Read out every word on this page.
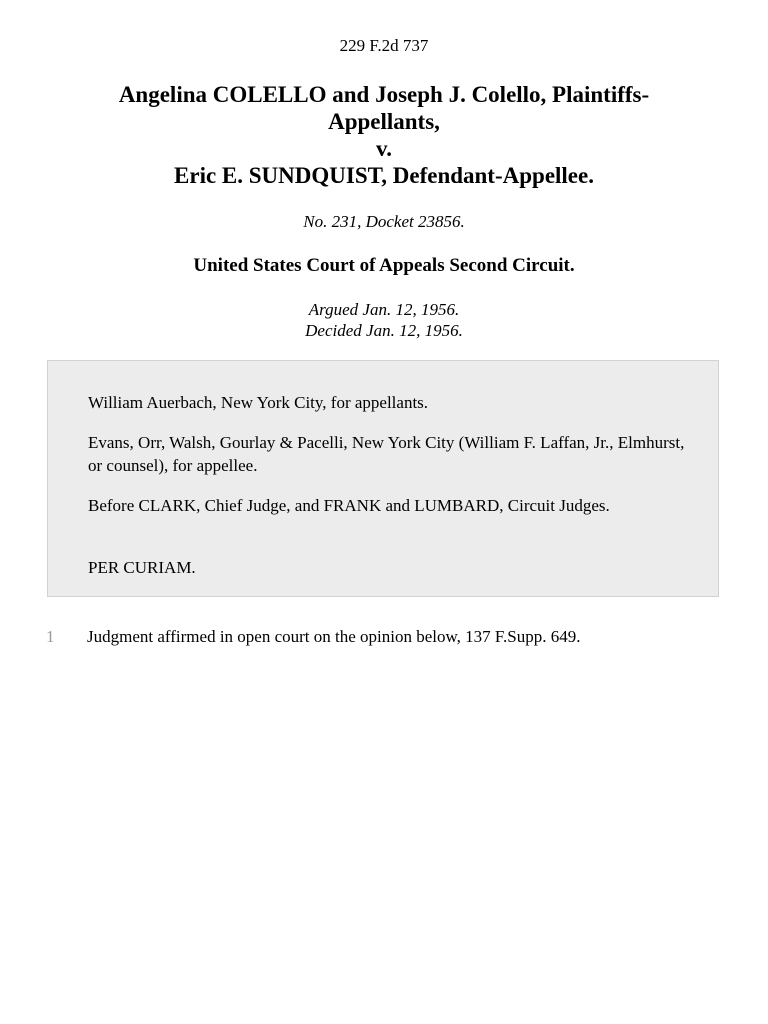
229 F.2d 737
Angelina COLELLO and Joseph J. Colello, Plaintiffs-
Appellants,
v.
Eric E. SUNDQUIST, Defendant-Appellee.
No. 231, Docket 23856.
United States Court of Appeals Second Circuit.
Argued Jan. 12, 1956.
Decided Jan. 12, 1956.

William Auerbach, New York City, for appellants.

Evans, Orr, Walsh, Gourlay & Pacelli, New York City (William F. Laffan, Jr., Elmhurst, or counsel), for appellee.

Before CLARK, Chief Judge, and FRANK and LUMBARD, Circuit Judges.

PER CURIAM.

1 Judgment affirmed in open court on the opinion below, 137 F.Supp. 649.
